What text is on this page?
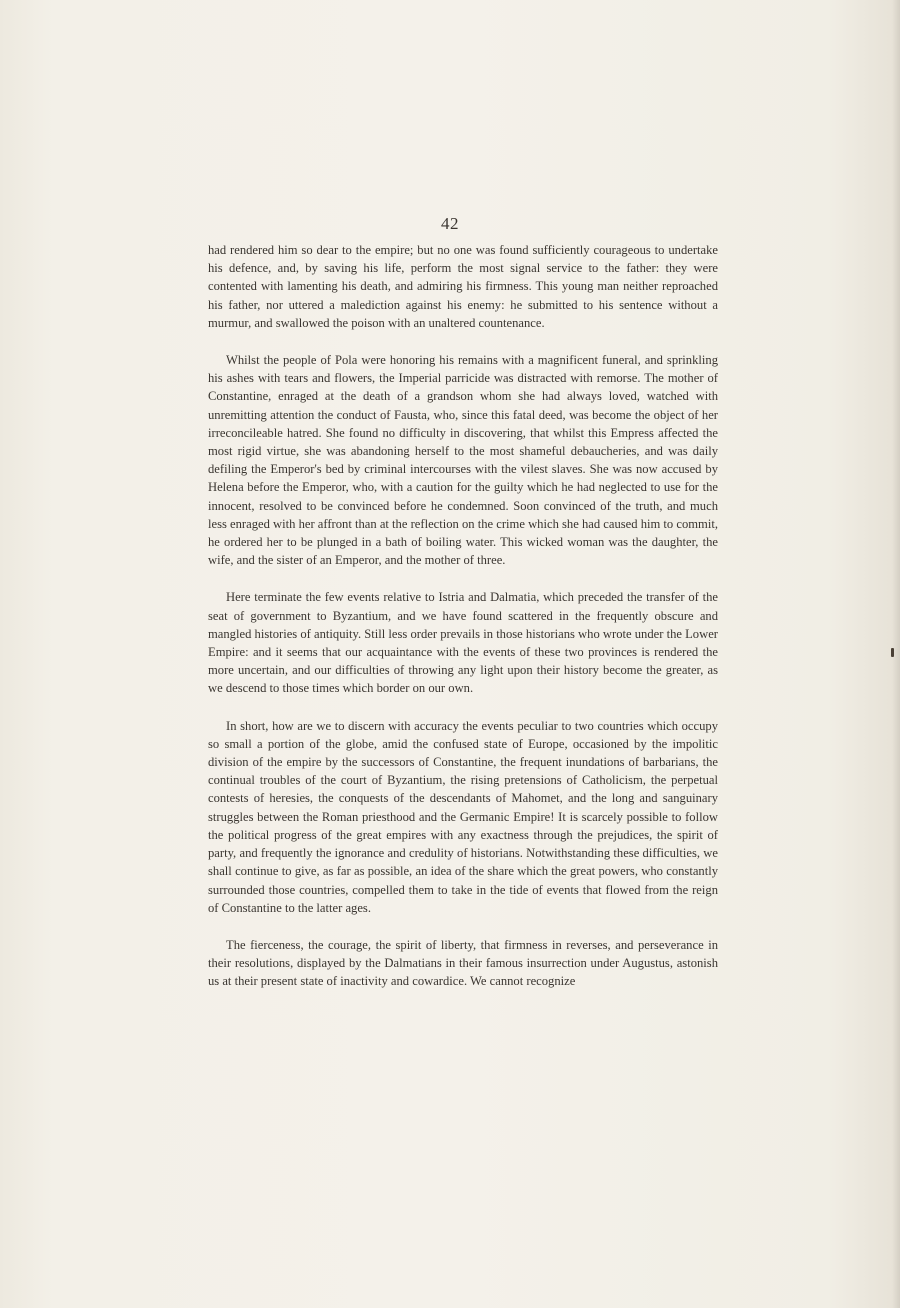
42

had rendered him so dear to the empire; but no one was found sufficiently courageous to undertake his defence, and, by saving his life, perform the most signal service to the father: they were contented with lamenting his death, and admiring his firmness. This young man neither reproached his father, nor uttered a malediction against his enemy: he submitted to his sentence without a murmur, and swallowed the poison with an unaltered countenance.

Whilst the people of Pola were honoring his remains with a magnificent funeral, and sprinkling his ashes with tears and flowers, the Imperial parricide was distracted with remorse. The mother of Constantine, enraged at the death of a grandson whom she had always loved, watched with unremitting attention the conduct of Fausta, who, since this fatal deed, was become the object of her irreconcileable hatred. She found no difficulty in discovering, that whilst this Empress affected the most rigid virtue, she was abandoning herself to the most shameful debaucheries, and was daily defiling the Emperor's bed by criminal intercourses with the vilest slaves. She was now accused by Helena before the Emperor, who, with a caution for the guilty which he had neglected to use for the innocent, resolved to be convinced before he condemned. Soon convinced of the truth, and much less enraged with her affront than at the reflection on the crime which she had caused him to commit, he ordered her to be plunged in a bath of boiling water. This wicked woman was the daughter, the wife, and the sister of an Emperor, and the mother of three.

Here terminate the few events relative to Istria and Dalmatia, which preceded the transfer of the seat of government to Byzantium, and we have found scattered in the frequently obscure and mangled histories of antiquity. Still less order prevails in those historians who wrote under the Lower Empire: and it seems that our acquaintance with the events of these two provinces is rendered the more uncertain, and our difficulties of throwing any light upon their history become the greater, as we descend to those times which border on our own.

In short, how are we to discern with accuracy the events peculiar to two countries which occupy so small a portion of the globe, amid the confused state of Europe, occasioned by the impolitic division of the empire by the successors of Constantine, the frequent inundations of barbarians, the continual troubles of the court of Byzantium, the rising pretensions of Catholicism, the perpetual contests of heresies, the conquests of the descendants of Mahomet, and the long and sanguinary struggles between the Roman priesthood and the Germanic Empire! It is scarcely possible to follow the political progress of the great empires with any exactness through the prejudices, the spirit of party, and frequently the ignorance and credulity of historians. Notwithstanding these difficulties, we shall continue to give, as far as possible, an idea of the share which the great powers, who constantly surrounded those countries, compelled them to take in the tide of events that flowed from the reign of Constantine to the latter ages.

The fierceness, the courage, the spirit of liberty, that firmness in reverses, and perseverance in their resolutions, displayed by the Dalmatians in their famous insurrection under Augustus, astonish us at their present state of inactivity and cowardice. We cannot recognize
